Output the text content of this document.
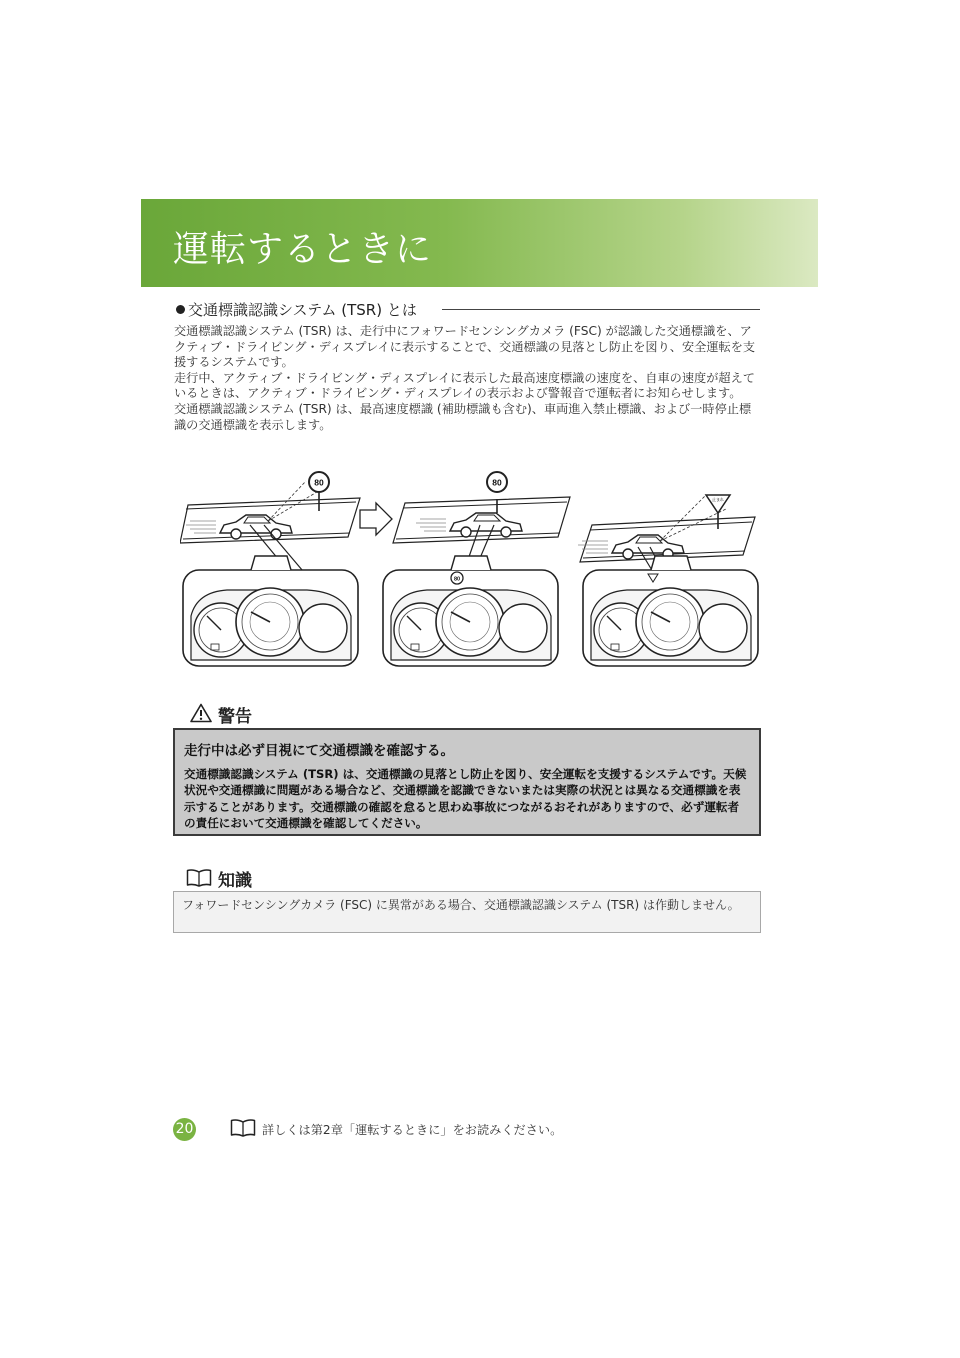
運転するときに
交通標識認識システム (TSR) とは

交通標識認識システム (TSR) は、走行中にフォワードセンシングカメラ (FSC) が認識した交通標識を、アクティブ・ドライビング・ディスプレイに表示することで、交通標識の見落とし防止を図り、安全運転を支援するシステムです。

走行中、アクティブ・ドライビング・ディスプレイに表示した最高速度標識の速度を、自車の速度が超えているときは、アクティブ・ドライビング・ディスプレイの表示および警報音で運転者にお知らせします。

交通標識認識システム (TSR) は、最高速度標識 (補助標識も含む)、車両進入禁止標識、および一時停止標識の交通標識を表示します。

80	80
80
止まれ
警告
走行中は必ず目視にて交通標識を確認する。
交通標識認識システム (TSR) は、交通標識の見落とし防止を図り、安全運転を支援するシステムです。天候状況や交通標識に問題がある場合など、交通標識を認識できないまたは実際の状況とは異なる交通標識を表示することがあります。交通標識の確認を怠ると思わぬ事故につながるおそれがありますので、必ず運転者の責任において交通標識を確認してください。
知識
フォワードセンシングカメラ (FSC) に異常がある場合、交通標識認識システム (TSR) は作動しません。
20	詳しくは第2章「運転するときに」をお読みください。
